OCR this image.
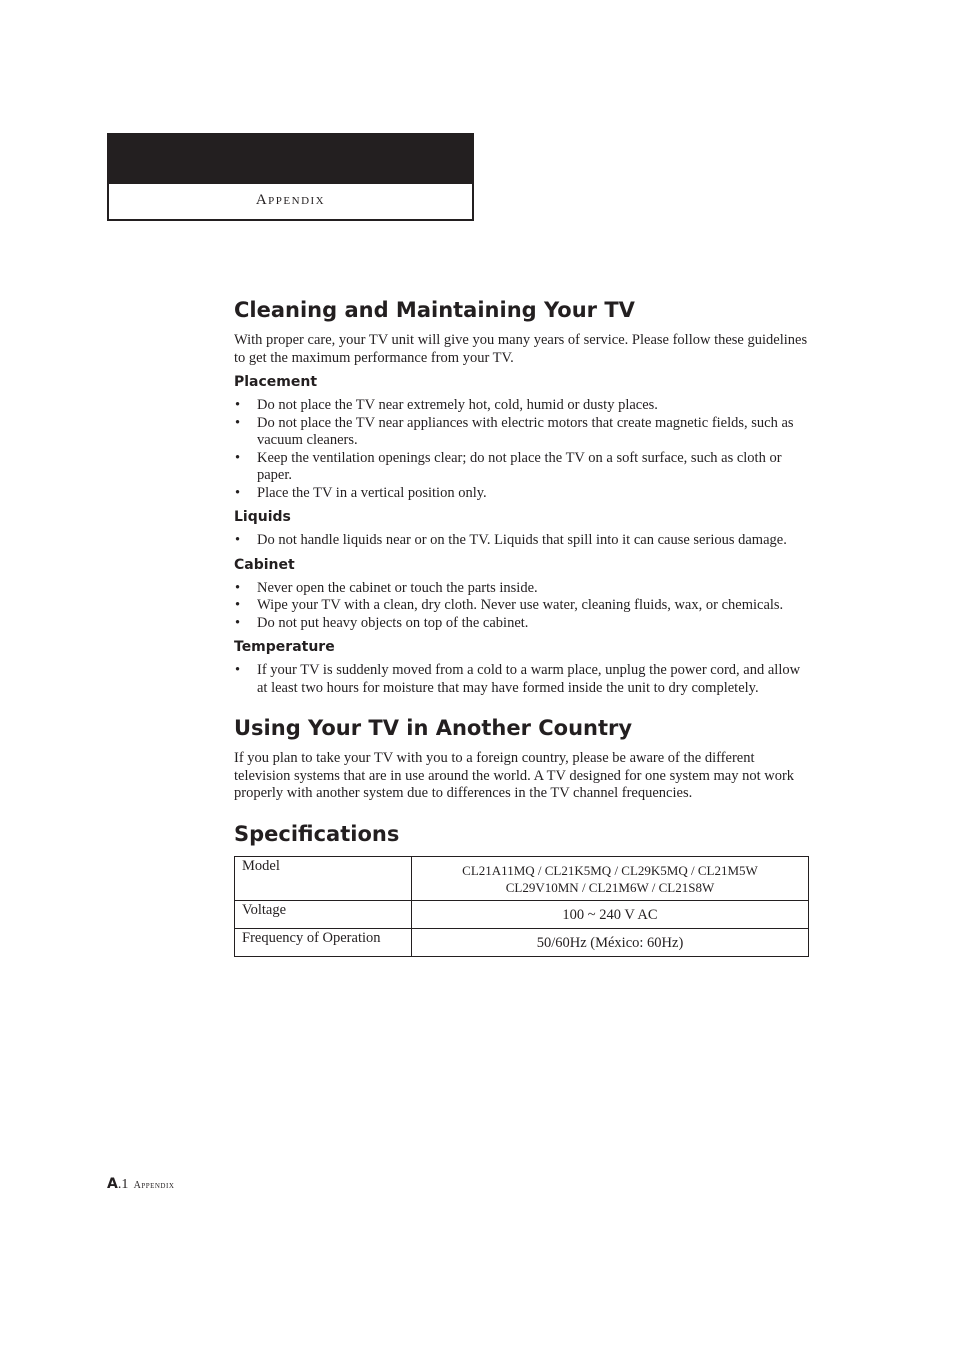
Appendix
Cleaning and Maintaining Your TV

With proper care, your TV unit will give you many years of service. Please follow these guidelines to get the maximum performance from your TV.

Placement
• Do not place the TV near extremely hot, cold, humid or dusty places.
• Do not place the TV near appliances with electric motors that create magnetic fields, such as vacuum cleaners.
• Keep the ventilation openings clear; do not place the TV on a soft surface, such as cloth or paper.
• Place the TV in a vertical position only.
Liquids
• Do not handle liquids near or on the TV. Liquids that spill into it can cause serious damage.
Cabinet
• Never open the cabinet or touch the parts inside.
• Wipe your TV with a clean, dry cloth. Never use water, cleaning fluids, wax, or chemicals.
• Do not put heavy objects on top of the cabinet.
Temperature
• If your TV is suddenly moved from a cold to a warm place, unplug the power cord, and allow at least two hours for moisture that may have formed inside the unit to dry completely.
Using Your TV in Another Country

If you plan to take your TV with you to a foreign country, please be aware of the different television systems that are in use around the world. A TV designed for one system may not work properly with another system due to differences in the TV channel frequencies.

Specifications
Model	CL21A11MQ / CL21K5MQ / CL29K5MQ / CL21M5W
CL29V10MN / CL21M6W / CL21S8W

Voltage	100 ~ 240 V AC
Frequency of Operation	50/60Hz (México: 60Hz)
A.1 Appendix
